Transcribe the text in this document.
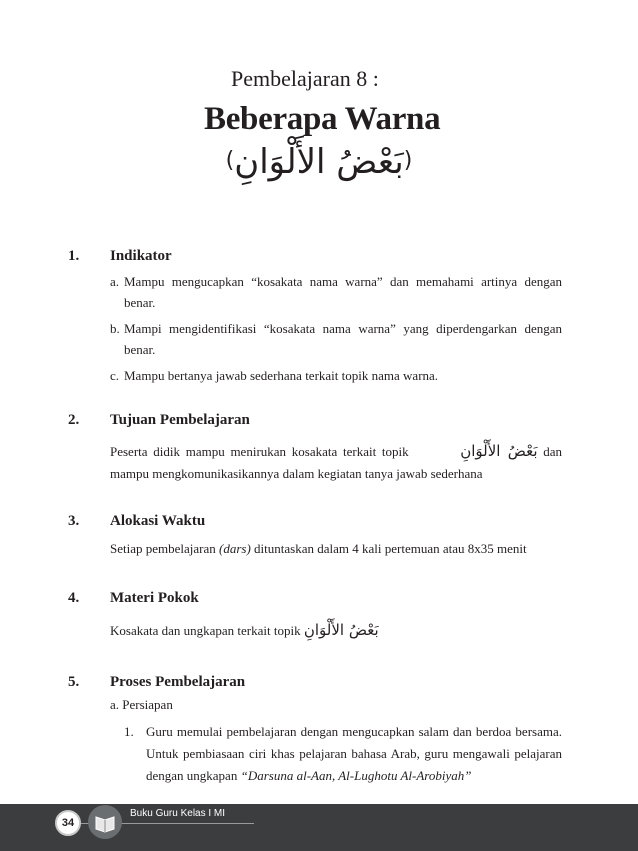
Pembelajaran 8 :
Beberapa Warna
(بَعْضُ الأَلْوَانِ)
1. Indikator
a. Mampu mengucapkan “kosakata nama warna” dan memahami artinya dengan benar.
b. Mampi mengidentifikasi “kosakata nama warna” yang diperdengarkan dengan benar.
c. Mampu bertanya jawab sederhana terkait topik nama warna.
2. Tujuan Pembelajaran
Peserta didik mampu menirukan kosakata terkait topik	بَعْضُ الأَلْوَانِ dan mampu mengkomunikasikannya dalam kegiatan tanya jawab sederhana
3. Alokasi Waktu
Setiap pembelajaran (dars) dituntaskan dalam 4 kali pertemuan atau 8x35 menit
4. Materi Pokok
Kosakata dan ungkapan terkait topik بَعْضُ الأَلْوَانِ
5. Proses Pembelajaran
a. Persiapan
1. Guru memulai pembelajaran dengan mengucapkan salam dan berdoa bersama. Untuk pembiasaan ciri khas pelajaran bahasa Arab, guru mengawali pelajaran dengan ungkapan “Darsuna al-Aan, Al-Lughotu Al-Arobiyah”
34
Buku Guru Kelas I MI
